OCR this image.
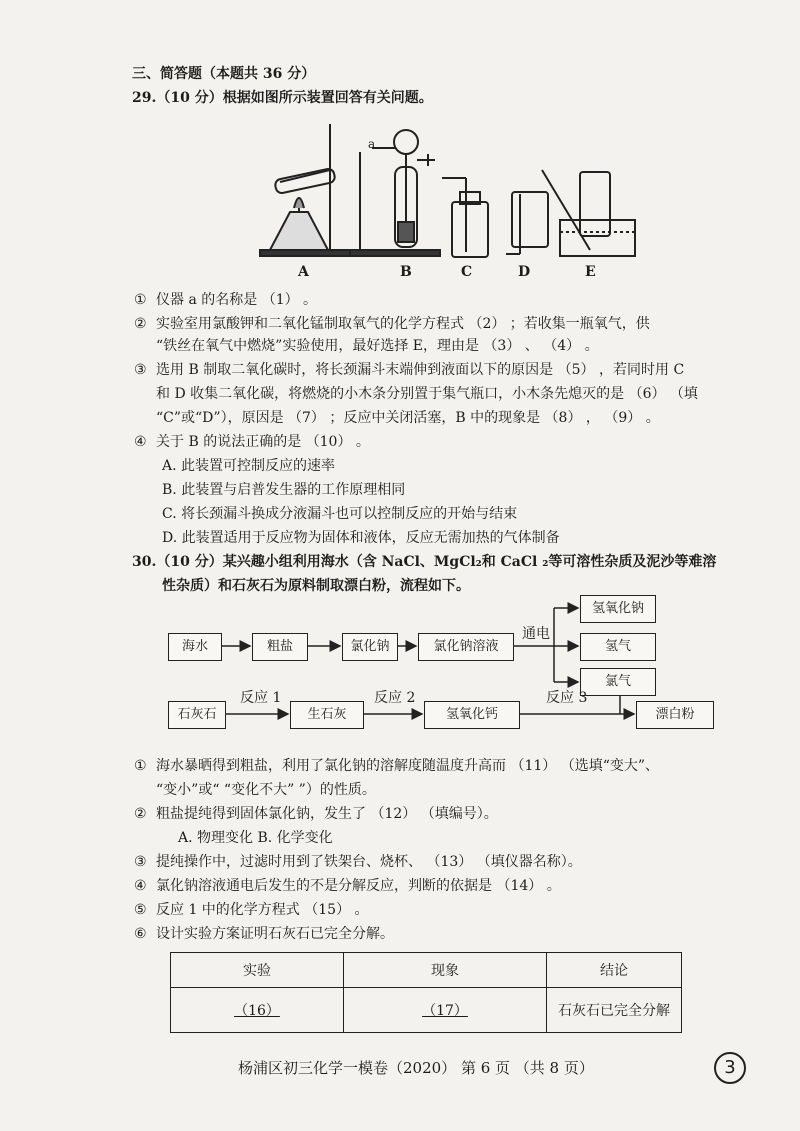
三、简答题（本题共 36 分）
29.（10 分）根据如图所示装置回答有关问题。
a
A	B	C	D	E
① 仪器 a 的名称是 （1） 。
② 实验室用氯酸钾和二氧化锰制取氧气的化学方程式 （2） ；若收集一瓶氧气，供
“铁丝在氧气中燃烧”实验使用，最好选择 E，理由是 （3） 、 （4） 。
③ 选用 B 制取二氧化碳时，将长颈漏斗末端伸到液面以下的原因是 （5） ，若同时用 C
和 D 收集二氧化碳，将燃烧的小木条分别置于集气瓶口，小木条先熄灭的是 （6） （填
“C”或“D”），原因是 （7） ；反应中关闭活塞，B 中的现象是 （8） ， （9） 。
④ 关于 B 的说法正确的是 （10） 。
A. 此装置可控制反应的速率
B. 此装置与启普发生器的工作原理相同
C. 将长颈漏斗换成分液漏斗也可以控制反应的开始与结束
D. 此装置适用于反应物为固体和液体，反应无需加热的气体制备
30.（10 分）某兴趣小组利用海水（含 NaCl、MgCl₂和 CaCl ₂等可溶性杂质及泥沙等难溶
性杂质）和石灰石为原料制取漂白粉，流程如下。
海水	粗盐	氯化钠	氯化钠溶液
通电
氢氧化钠
氢气
氯气
石灰石
反应 1
生石灰
反应 2
氢氧化钙
反应 3
漂白粉
① 海水暴晒得到粗盐，利用了氯化钠的溶解度随温度升高而 （11） （选填“变大”、
“变小”或“ “变化不大” ”）的性质。
② 粗盐提纯得到固体氯化钠，发生了 （12） （填编号）。
A. 物理变化 B. 化学变化
③ 提纯操作中，过滤时用到了铁架台、烧杯、 （13） （填仪器名称）。
④ 氯化钠溶液通电后发生的不是分解反应，判断的依据是 （14） 。
⑤ 反应 1 中的化学方程式 （15） 。
⑥ 设计实验方案证明石灰石已完全分解。
实验	现象	结论
（16）	（17）	石灰石已完全分解
杨浦区初三化学一模卷（2020） 第 6 页 （共 8 页）	3
